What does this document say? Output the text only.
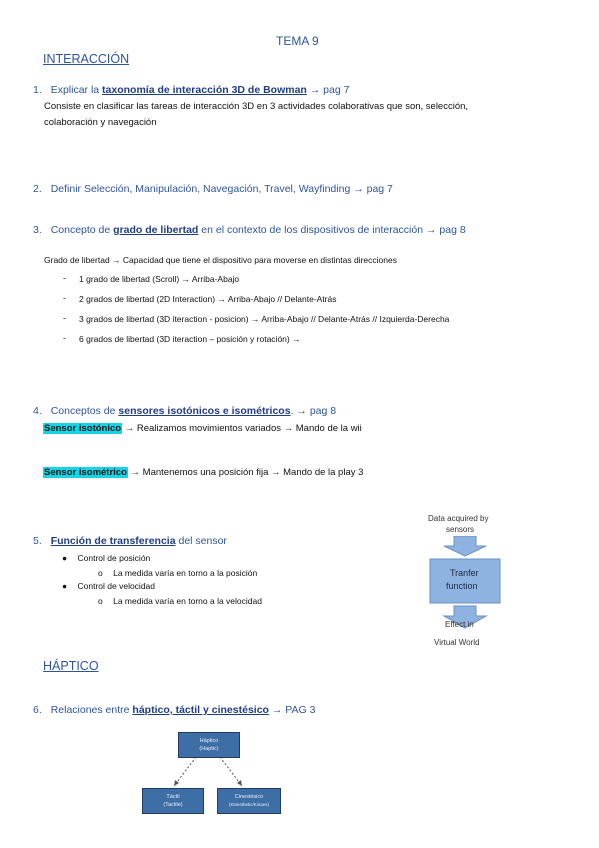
TEMA 9
INTERACCIÓN
1. Explicar la taxonomía de interacción 3D de Bowman → pag 7
Consiste en clasificar las tareas de interacción 3D en 3 actividades colaborativas que son, selección,
colaboración y navegación
2. Definir Selección, Manipulación, Navegación, Travel, Wayfinding → pag 7
3. Concepto de grado de libertad en el contexto de los dispositivos de interacción → pag 8
Grado de libertad → Capacidad que tiene el dispositivo para moverse en distintas direcciones
- 1 grado de libertad (Scroll) → Arriba-Abajo
- 2 grados de libertad (2D Interaction) → Arriba-Abajo // Delante-Atrás
- 3 grados de libertad (3D iteraction - posicion) → Arriba-Abajo // Delante-Atrás // Izquierda-Derecha
- 6 grados de libertad (3D iteraction – posición y rotación) →
4. Conceptos de sensores isotónicos e isométricos. → pag 8
Sensor isotónico → Realizamos movimientos variados → Mando de la wii
Sensor isométrico → Mantenemos una posición fija → Mando de la play 3
5. Función de transferencia del sensor
● Control de posición
o La medida varía en torno a la posición
● Control de velocidad
o La medida varía en torno a la velocidad
Data acquired by
sensors
Tranfer
function
Effect in
Virtual World
HÁPTICO
6. Relaciones entre háptico, táctil y cinestésico → PAG 3
Háptico
(Haptic)
Táctil
(Tactile)
Cinestésico
(Kinesthetic/Kinaes)
